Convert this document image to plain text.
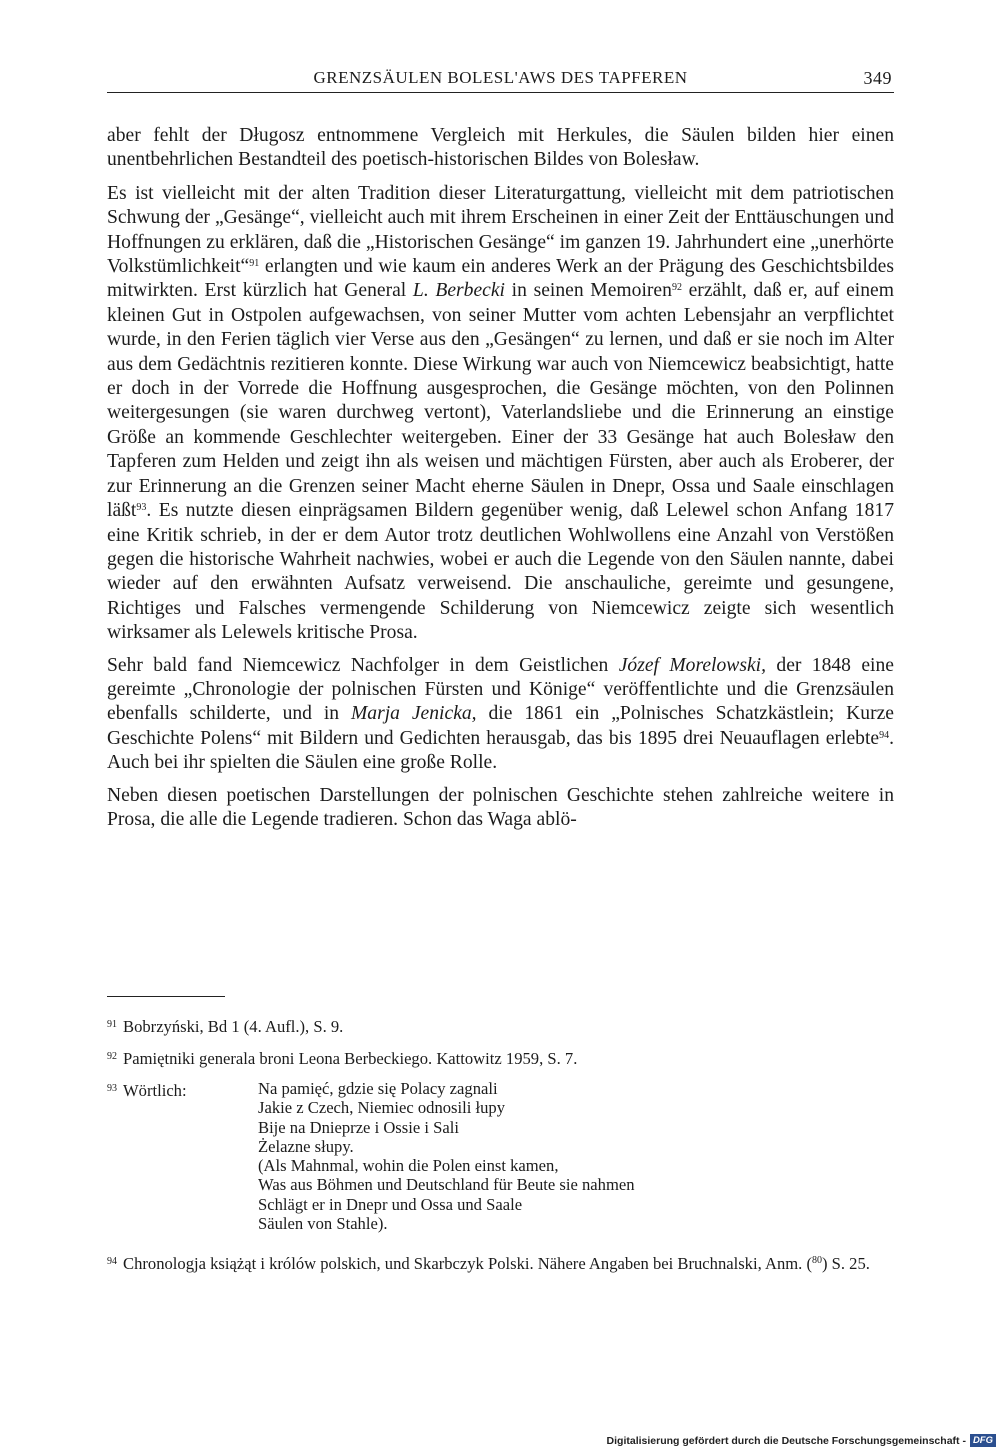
GRENZSÄULEN BOLESL'AWS DES TAPFEREN	349

aber fehlt der Długosz entnommene Vergleich mit Herkules, die Säulen bilden hier einen unentbehrlichen Bestandteil des poetisch-historischen Bildes von Bolesław.

Es ist vielleicht mit der alten Tradition dieser Literaturgattung, vielleicht mit dem patriotischen Schwung der „Gesänge“, vielleicht auch mit ihrem Erscheinen in einer Zeit der Enttäuschungen und Hoffnungen zu erklären, daß die „Historischen Gesänge“ im ganzen 19. Jahrhundert eine „unerhörte Volkstümlichkeit“$^{91}$ erlangten und wie kaum ein anderes Werk an der Prägung des Geschichtsbildes mitwirkten. Erst kürzlich hat General L. Berbecki in seinen Memoiren$^{92}$ erzählt, daß er, auf einem kleinen Gut in Ostpolen aufgewachsen, von seiner Mutter vom achten Lebensjahr an verpflichtet wurde, in den Ferien täglich vier Verse aus den „Gesängen“ zu lernen, und daß er sie noch im Alter aus dem Gedächtnis rezitieren konnte. Diese Wirkung war auch von Niemcewicz beabsichtigt, hatte er doch in der Vorrede die Hoffnung ausgesprochen, die Gesänge möchten, von den Polinnen weitergesungen (sie waren durchweg vertont), Vaterlandsliebe und die Erinnerung an einstige Größe an kommende Geschlechter weitergeben. Einer der 33 Gesänge hat auch Bolesław den Tapferen zum Helden und zeigt ihn als weisen und mächtigen Fürsten, aber auch als Eroberer, der zur Erinnerung an die Grenzen seiner Macht eherne Säulen in Dnepr, Ossa und Saale einschlagen läßt$^{93}$. Es nutzte diesen einprägsamen Bildern gegenüber wenig, daß Lelewel schon Anfang 1817 eine Kritik schrieb, in der er dem Autor trotz deutlichen Wohlwollens eine Anzahl von Verstößen gegen die historische Wahrheit nachwies, wobei er auch die Legende von den Säulen nannte, dabei wieder auf den erwähnten Aufsatz verweisend. Die anschauliche, gereimte und gesungene, Richtiges und Falsches vermengende Schilderung von Niemcewicz zeigte sich wesentlich wirksamer als Lelewels kritische Prosa.

Sehr bald fand Niemcewicz Nachfolger in dem Geistlichen Józef Morelowski, der 1848 eine gereimte „Chronologie der polnischen Fürsten und Könige“ veröffentlichte und die Grenzsäulen ebenfalls schilderte, und in Marja Jenicka, die 1861 ein „Polnisches Schatzkästlein; Kurze Geschichte Polens“ mit Bildern und Gedichten herausgab, das bis 1895 drei Neuauflagen erlebte$^{94}$. Auch bei ihr spielten die Säulen eine große Rolle.

Neben diesen poetischen Darstellungen der polnischen Geschichte stehen zahlreiche weitere in Prosa, die alle die Legende tradieren. Schon das Waga ablö-

$^{91}$ Bobrzyński, Bd 1 (4. Aufl.), S. 9.
$^{92}$ Pamiętniki generala broni Leona Berbeckiego. Kattowitz 1959, S. 7.
$^{93}$ Wörtlich:	Na pamięć, gdzie się Polacy zagnali
Jakie z Czech, Niemiec odnosili łupy
Bije na Dnieprze i Ossie i Sali
Żelazne słupy.
(Als Mahnmal, wohin die Polen einst kamen,
Was aus Böhmen und Deutschland für Beute sie nahmen
Schlägt er in Dnepr und Ossa und Saale
Säulen von Stahle).
$^{94}$ Chronologja książąt i królów polskich, und Skarbczyk Polski. Nähere Angaben bei Bruchnalski, Anm. ($^{80}$) S. 25.
Digitalisierung gefördert durch die Deutsche Forschungsgemeinschaft - DFG
